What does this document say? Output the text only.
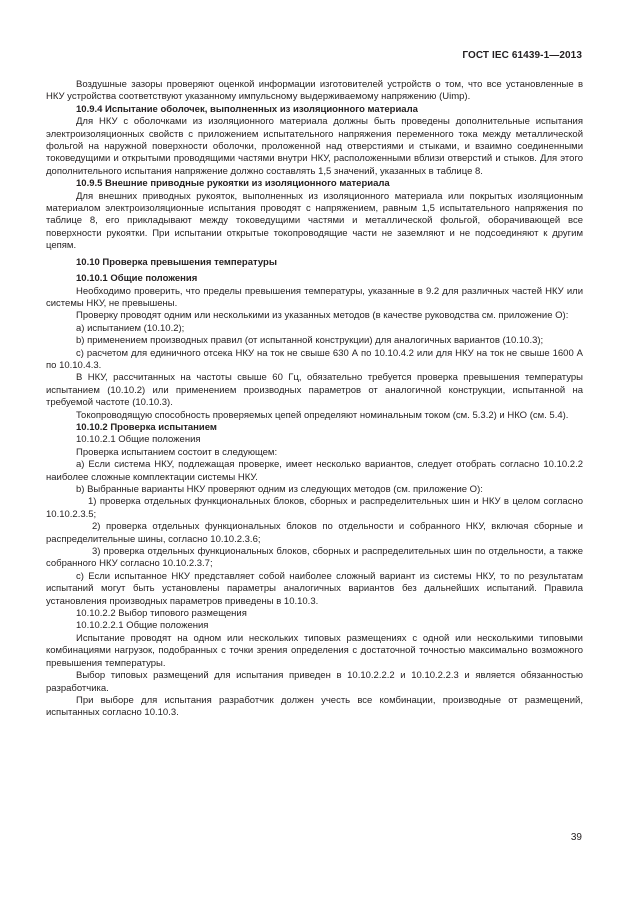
ГОСТ IEC 61439-1—2013

Воздушные зазоры проверяют оценкой информации изготовителей устройств о том, что все установленные в НКУ устройства соответствуют указанному импульсному выдерживаемому напряжению (Uimp).

10.9.4 Испытание оболочек, выполненных из изоляционного материала

Для НКУ с оболочками из изоляционного материала должны быть проведены дополнительные испытания электроизоляционных свойств с приложением испытательного напряжения переменного тока между металлической фольгой на наружной поверхности оболочки, проложенной над отверстиями и стыками, и взаимно соединенными токоведущими и открытыми проводящими частями внутри НКУ, расположенными вблизи отверстий и стыков. Для этого дополнительного испытания напряжение должно составлять 1,5 значений, указанных в таблице 8.

10.9.5 Внешние приводные рукоятки из изоляционного материала

Для внешних приводных рукояток, выполненных из изоляционного материала или покрытых изоляционным материалом электроизоляционные испытания проводят с напряжением, равным 1,5 испытательного напряжения по таблице 8, его прикладывают между токоведущими частями и металлической фольгой, оборачивающей все поверхности рукоятки. При испытании открытые токопроводящие части не заземляют и не подсоединяют к другим цепям.

10.10 Проверка превышения температуры

10.10.1 Общие положения

Необходимо проверить, что пределы превышения температуры, указанные в 9.2 для различных частей НКУ или системы НКУ, не превышены.

Проверку проводят одним или несколькими из указанных методов (в качестве руководства см. приложение О):

a) испытанием (10.10.2);

b) применением производных правил (от испытанной конструкции) для аналогичных вариантов (10.10.3);

c) расчетом для единичного отсека НКУ на ток не свыше 630 А по 10.10.4.2 или для НКУ на ток не свыше 1600 А по 10.10.4.3.

В НКУ, рассчитанных на частоты свыше 60 Гц, обязательно требуется проверка превышения температуры испытанием (10.10.2) или применением производных параметров от аналогичной конструкции, испытанной на требуемой частоте (10.10.3).

Токопроводящую способность проверяемых цепей определяют номинальным током (см. 5.3.2) и НКО (см. 5.4).

10.10.2 Проверка испытанием

10.10.2.1 Общие положения

Проверка испытанием состоит в следующем:

a) Если система НКУ, подлежащая проверке, имеет несколько вариантов, следует отобрать согласно 10.10.2.2 наиболее сложные комплектации системы НКУ.

b) Выбранные варианты НКУ проверяют одним из следующих методов (см. приложение О):

1) проверка отдельных функциональных блоков, сборных и распределительных шин и НКУ в целом согласно 10.10.2.3.5;

2) проверка отдельных функциональных блоков по отдельности и собранного НКУ, включая сборные и распределительные шины, согласно 10.10.2.3.6;

3) проверка отдельных функциональных блоков, сборных и распределительных шин по отдельности, а также собранного НКУ согласно 10.10.2.3.7;

c) Если испытанное НКУ представляет собой наиболее сложный вариант из системы НКУ, то по результатам испытаний могут быть установлены параметры аналогичных вариантов без дальнейших испытаний. Правила установления производных параметров приведены в 10.10.3.

10.10.2.2 Выбор типового размещения

10.10.2.2.1 Общие положения

Испытание проводят на одном или нескольких типовых размещениях с одной или несколькими типовыми комбинациями нагрузок, подобранных с точки зрения определения с достаточной точностью максимально возможного превышения температуры.

Выбор типовых размещений для испытания приведен в 10.10.2.2.2 и 10.10.2.2.3 и является обязанностью разработчика.

При выборе для испытания разработчик должен учесть все комбинации, производные от размещений, испытанных согласно 10.10.3.

39
